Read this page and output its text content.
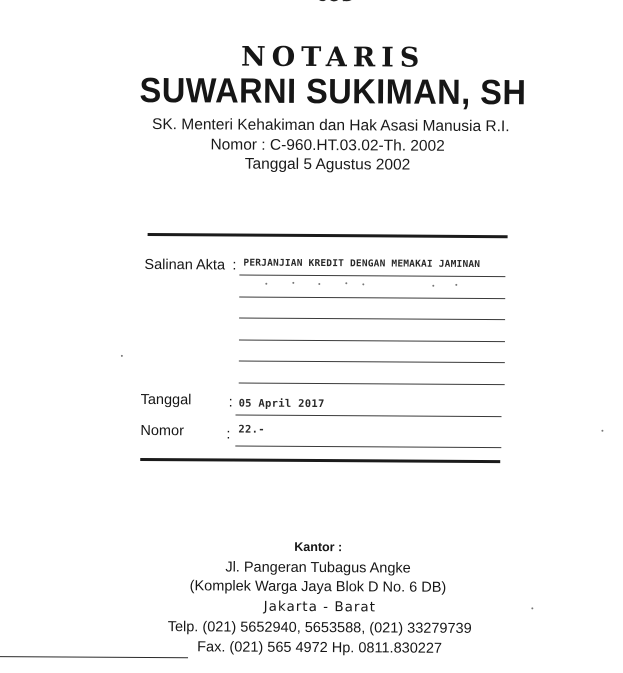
NOTARIS
SUWARNI SUKIMAN, SH
SK. Menteri Kehakiman dan Hak Asasi Manusia R.I.
Nomor : C-960.HT.03.02-Th. 2002
Tanggal 5 Agustus 2002
Salinan Akta : PERJANJIAN KREDIT DENGAN MEMAKAI JAMINAN
Tanggal	: 05 April 2017
Nomor	: 22.-
Kantor :
Jl. Pangeran Tubagus Angke
(Komplek Warga Jaya Blok D No. 6 DB)
Jakarta - Barat
Telp. (021) 5652940, 5653588, (021) 33279739
Fax. (021) 565 4972 Hp. 0811.830227
